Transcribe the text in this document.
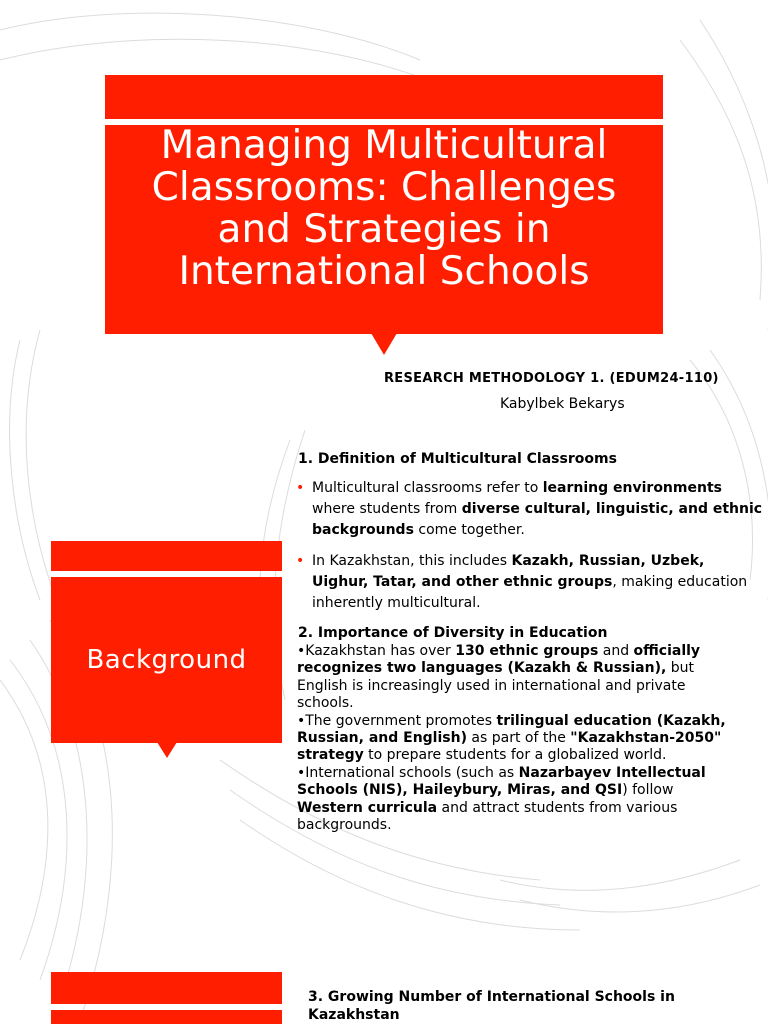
Managing Multicultural Classrooms: Challenges and Strategies in International Schools
RESEARCH METHODOLOGY 1. (EDUM24-110)
Kabylbek Bekarys
Background
1. Definition of Multicultural Classrooms
• Multicultural classrooms refer to learning environments where students from diverse cultural, linguistic, and ethnic backgrounds come together.
• In Kazakhstan, this includes Kazakh, Russian, Uzbek, Uighur, Tatar, and other ethnic groups, making education inherently multicultural.
2. Importance of Diversity in Education
•Kazakhstan has over 130 ethnic groups and officially recognizes two languages (Kazakh & Russian), but English is increasingly used in international and private schools.
•The government promotes trilingual education (Kazakh, Russian, and English) as part of the "Kazakhstan-2050" strategy to prepare students for a globalized world.
•International schools (such as Nazarbayev Intellectual Schools (NIS), Haileybury, Miras, and QSI) follow Western curricula and attract students from various backgrounds.
3. Growing Number of International Schools in Kazakhstan
